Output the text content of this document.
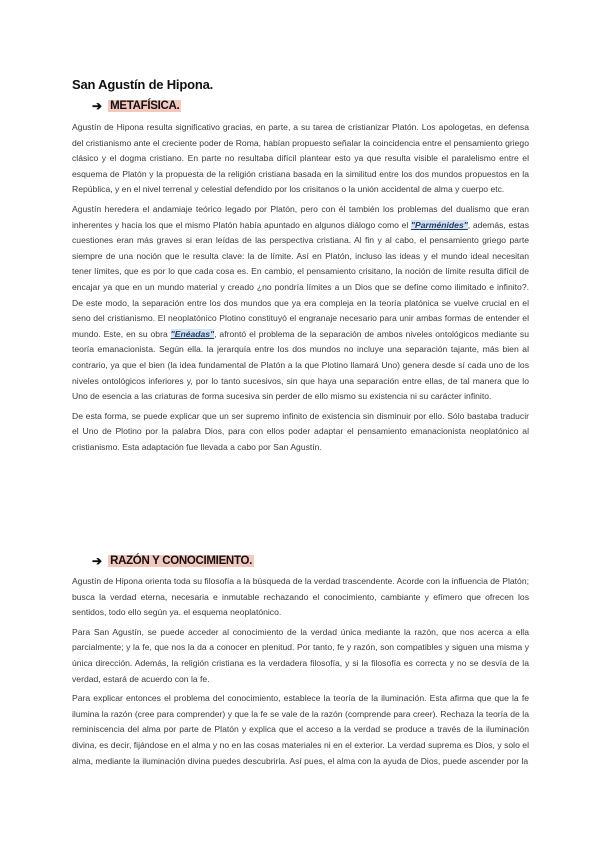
San Agustín de Hipona.
➔ METAFÍSICA.

Agustín de Hipona resulta significativo gracias, en parte, a su tarea de cristianizar Platón. Los apologetas, en defensa del cristianismo ante el creciente poder de Roma, habían propuesto señalar la coincidencia entre el pensamiento griego clásico y el dogma cristiano. En parte no resultaba difícil plantear esto ya que resulta visible el paralelismo entre el esquema de Platón y la propuesta de la religión cristiana basada en la similitud entre los dos mundos propuestos en la República, y en el nivel terrenal y celestial defendido por los crisitanos o la unión accidental de alma y cuerpo etc.

Agustín heredera el andamiaje teórico legado por Platón, pero con él también los problemas del dualismo que eran inherentes y hacia los que el mismo Platón había apuntado en algunos diálogo como el "Parménides", además, estas cuestiones eran más graves si eran leídas de las perspectiva cristiana. Al fin y al cabo, el pensamiento griego parte siempre de una noción que le resulta clave: la de límite. Así en Platón, incluso las ideas y el mundo ideal necesitan tener límites, que es por lo que cada cosa es. En cambio, el pensamiento crisitano, la noción de límite resulta difícil de encajar ya que en un mundo material y creado ¿no pondría límites a un Dios que se define como ilimitado e infinito?. De este modo, la separación entre los dos mundos que ya era compleja en la teoría platónica se vuelve crucial en el seno del cristianismo. El neoplatónico Plotino constituyó el engranaje necesario para unir ambas formas de entender el mundo. Este, en su obra "Enéadas", afrontó el problema de la separación de ambos niveles ontológicos mediante su teoría emanacionista. Según ella. la jerarquía entre los dos mundos no incluye una separación tajante, más bien al contrario, ya que el bien (la idea fundamental de Platón a la que Plotino llamará Uno) genera desde sí cada uno de los niveles ontológicos inferiores y, por lo tanto sucesivos, sin que haya una separación entre ellas, de tal manera que lo Uno de esencia a las criaturas de forma sucesiva sin perder de ello mismo su existencia ni su carácter infinito.

De esta forma, se puede explicar que un ser supremo infinito de existencia sin disminuir por ello. Sólo bastaba traducir el Uno de Plotino por la palabra Dios, para con ellos poder adaptar el pensamiento emanacionista neoplatónico al cristianismo. Esta adaptación fue llevada a cabo por San Agustín.

➔ RAZÓN Y CONOCIMIENTO.

Agustín de Hipona orienta toda su filosofía a la búsqueda de la verdad trascendente. Acorde con la influencia de Platón; busca la verdad eterna, necesaria e inmutable rechazando el conocimiento, cambiante y efímero que ofrecen los sentidos, todo ello según ya. el esquema neoplatónico.

Para San Agustín, se puede acceder al conocimiento de la verdad única mediante la razón, que nos acerca a ella parcialmente; y la fe, que nos la da a conocer en plenitud. Por tanto, fe y razón, son compatibles y siguen una misma y única dirección. Además, la religión cristiana es la verdadera filosofía, y si la filosofía es correcta y no se desvía de la verdad, estará de acuerdo con la fe.

Para explicar entonces el problema del conocimiento, establece la teoría de la iluminación. Esta afirma que que la fe ilumina la razón (cree para comprender) y que la fe se vale de la razón (comprende para creer). Rechaza la teoría de la reminiscencia del alma por parte de Platón y explica que el acceso a la verdad se produce a través de la iluminación divina, es decir, fijándose en el alma y no en las cosas materiales ni en el exterior. La verdad suprema es Dios, y solo el alma, mediante la iluminación divina puedes descubrirla. Así pues, el alma con la ayuda de Dios, puede ascender por la
